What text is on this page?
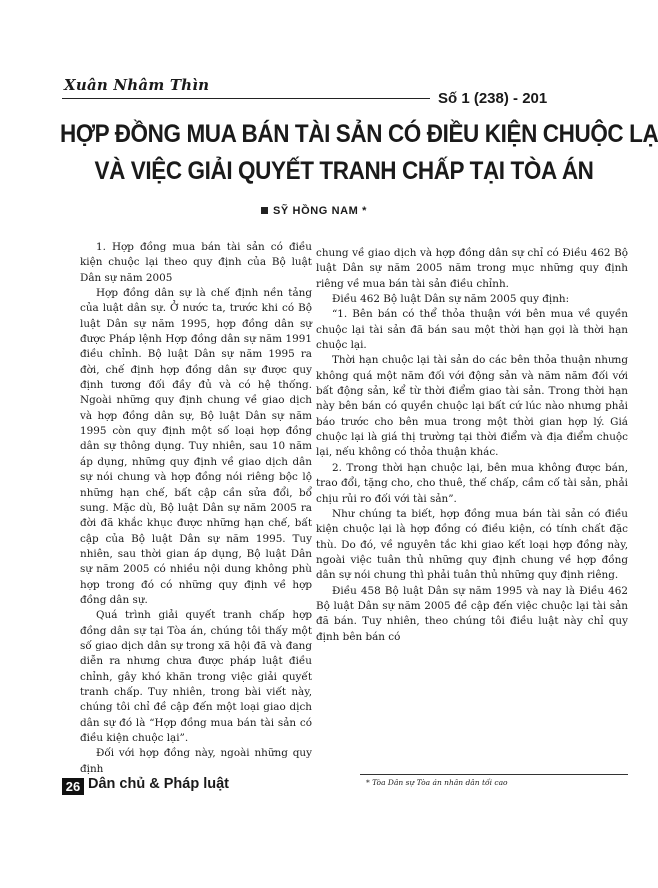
Xuân Nhâm Thìn
Số 1 (238) - 201
HỢP ĐỒNG MUA BÁN TÀI SẢN CÓ ĐIỀU KIỆN CHUỘC LẠ
VÀ VIỆC GIẢI QUYẾT TRANH CHẤP TẠI TÒA ÁN
SỸ HỒNG NAM *

1. Hợp đồng mua bán tài sản có điều kiện chuộc lại theo quy định của Bộ luật Dân sự năm 2005

Hợp đồng dân sự là chế định nền tảng của luật dân sự. Ở nước ta, trước khi có Bộ luật Dân sự năm 1995, hợp đồng dân sự được Pháp lệnh Hợp đồng dân sự năm 1991 điều chỉnh. Bộ luật Dân sự năm 1995 ra đời, chế định hợp đồng dân sự được quy định tương đối đầy đủ và có hệ thống. Ngoài những quy định chung về giao dịch và hợp đồng dân sự, Bộ luật Dân sự năm 1995 còn quy định một số loại hợp đồng dân sự thông dụng. Tuy nhiên, sau 10 năm áp dụng, những quy định về giao dịch dân sự nói chung và hợp đồng nói riêng bộc lộ những hạn chế, bất cập cần sửa đổi, bổ sung. Mặc dù, Bộ luật Dân sự năm 2005 ra đời đã khắc khục được những hạn chế, bất cập của Bộ luật Dân sự năm 1995. Tuy nhiên, sau thời gian áp dụng, Bộ luật Dân sự năm 2005 có nhiều nội dung không phù hợp trong đó có những quy định về hợp đồng dân sự.

Quá trình giải quyết tranh chấp hợp đồng dân sự tại Tòa án, chúng tôi thấy một số giao dịch dân sự trong xã hội đã và đang diễn ra nhưng chưa được pháp luật điều chỉnh, gây khó khăn trong việc giải quyết tranh chấp. Tuy nhiên, trong bài viết này, chúng tôi chỉ đề cập đến một loại giao dịch dân sự đó là “Hợp đồng mua bán tài sản có điều kiện chuộc lại”.

Đối với hợp đồng này, ngoài những quy định

chung về giao dịch và hợp đồng dân sự chỉ có Điều 462 Bộ luật Dân sự năm 2005 năm trong mục những quy định riêng về mua bán tài sản điều chỉnh.

Điều 462 Bộ luật Dân sự năm 2005 quy định:

“1. Bên bán có thể thỏa thuận với bên mua về quyền chuộc lại tài sản đã bán sau một thời hạn gọi là thời hạn chuộc lại.

Thời hạn chuộc lại tài sản do các bên thỏa thuận nhưng không quá một năm đối với động sản và năm năm đối với bất động sản, kể từ thời điểm giao tài sản. Trong thời hạn này bên bán có quyền chuộc lại bất cứ lúc nào nhưng phải báo trước cho bên mua trong một thời gian hợp lý. Giá chuộc lại là giá thị trường tại thời điểm và địa điểm chuộc lại, nếu không có thỏa thuận khác.

2. Trong thời hạn chuộc lại, bên mua không được bán, trao đổi, tặng cho, cho thuê, thế chấp, cầm cố tài sản, phải chịu rủi ro đối với tài sản”.

Như chúng ta biết, hợp đồng mua bán tài sản có điều kiện chuộc lại là hợp đồng có điều kiện, có tính chất đặc thù. Do đó, về nguyên tắc khi giao kết loại hợp đồng này, ngoài việc tuân thủ những quy định chung về hợp đồng dân sự nói chung thì phải tuân thủ những quy định riêng.

Điều 458 Bộ luật Dân sự năm 1995 và nay là Điều 462 Bộ luật Dân sự năm 2005 đề cập đến việc chuộc lại tài sản đã bán. Tuy nhiên, theo chúng tôi điều luật này chỉ quy định bên bán có

26 Dân chủ & Pháp luật	* Tòa Dân sự Tòa án nhân dân tối cao
